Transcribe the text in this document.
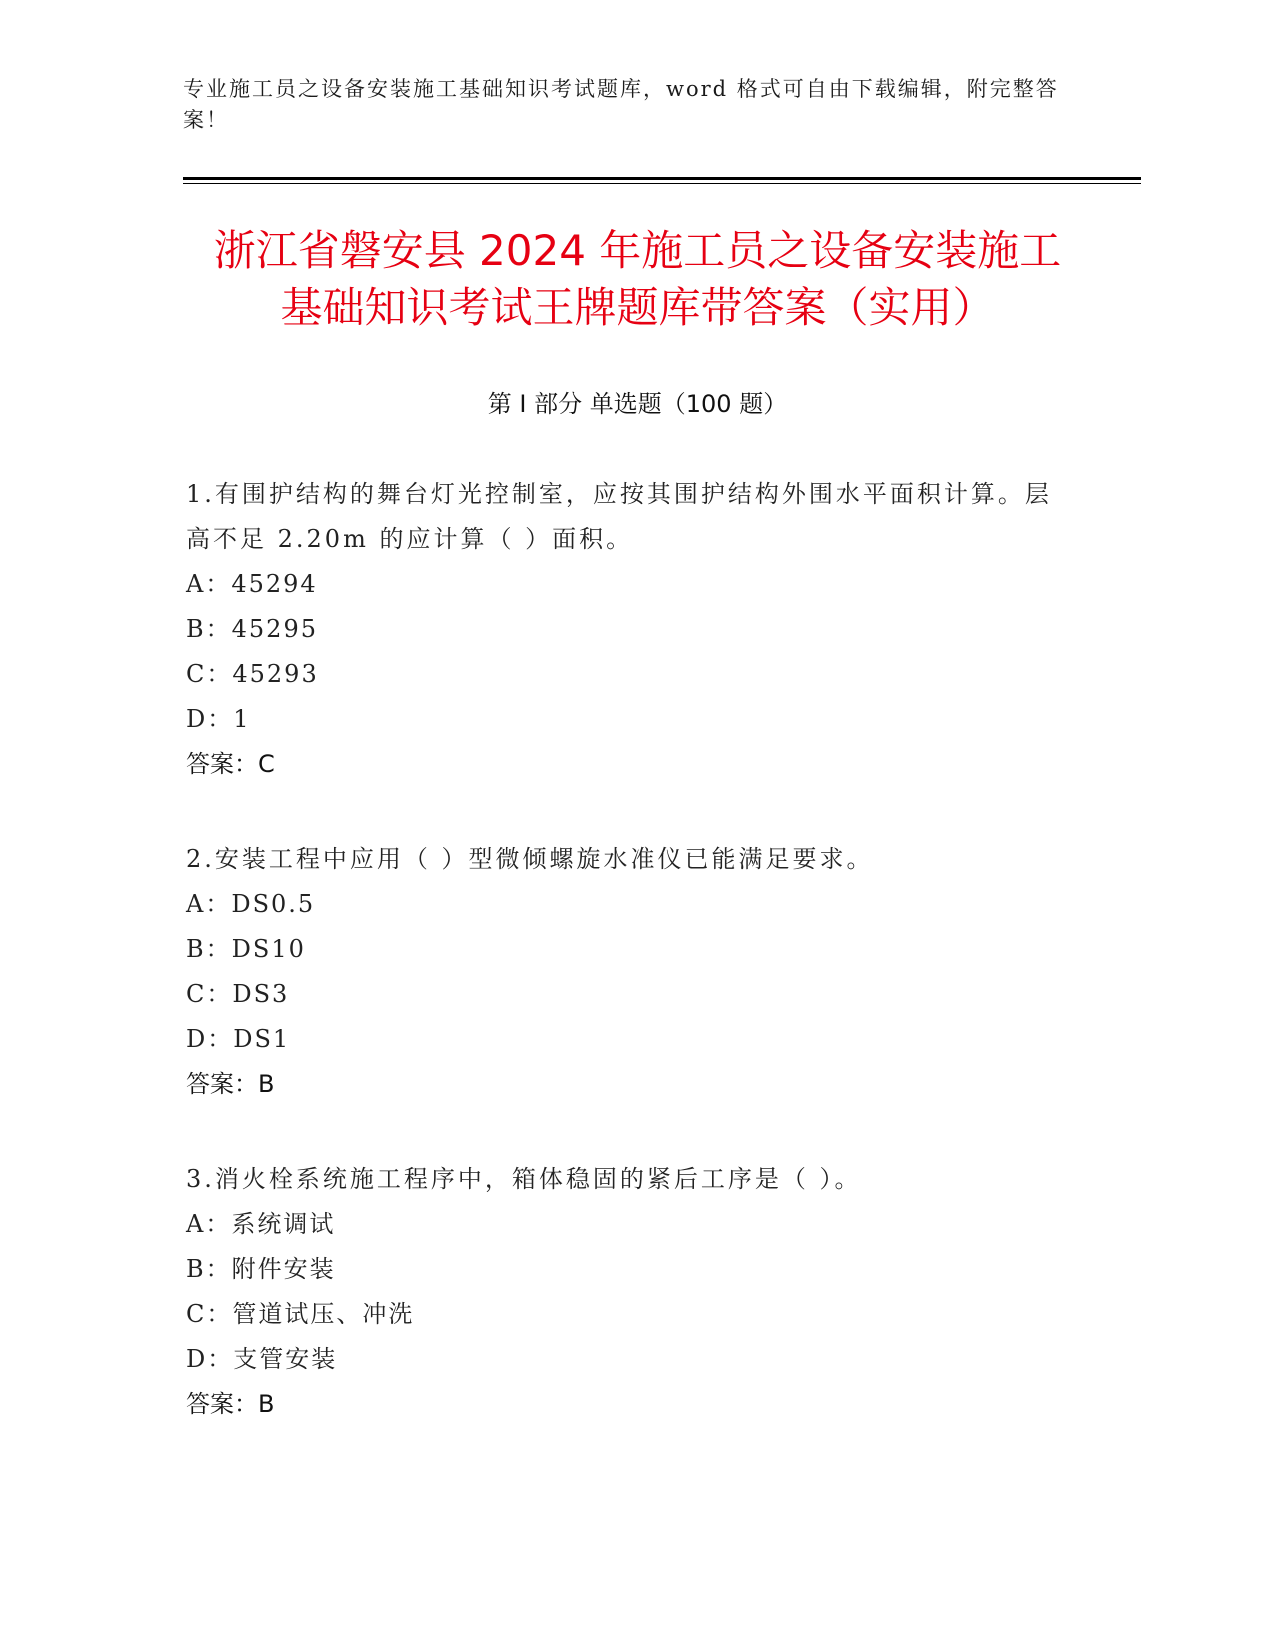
专业施工员之设备安装施工基础知识考试题库，word 格式可自由下载编辑，附完整答案！
浙江省磐安县 2024 年施工员之设备安装施工
基础知识考试王牌题库带答案（实用）
第 I 部分 单选题（100 题）
1.有围护结构的舞台灯光控制室，应按其围护结构外围水平面积计算。层高不足 2.20m 的应计算（ ）面积。
A：45294
B：45295
C：45293
D：1
答案：C
2.安装工程中应用（ ）型微倾螺旋水准仪已能满足要求。
A：DS0.5
B：DS10
C：DS3
D：DS1
答案：B
3.消火栓系统施工程序中，箱体稳固的紧后工序是（ ）。
A：系统调试
B：附件安装
C：管道试压、冲洗
D：支管安装
答案：B
